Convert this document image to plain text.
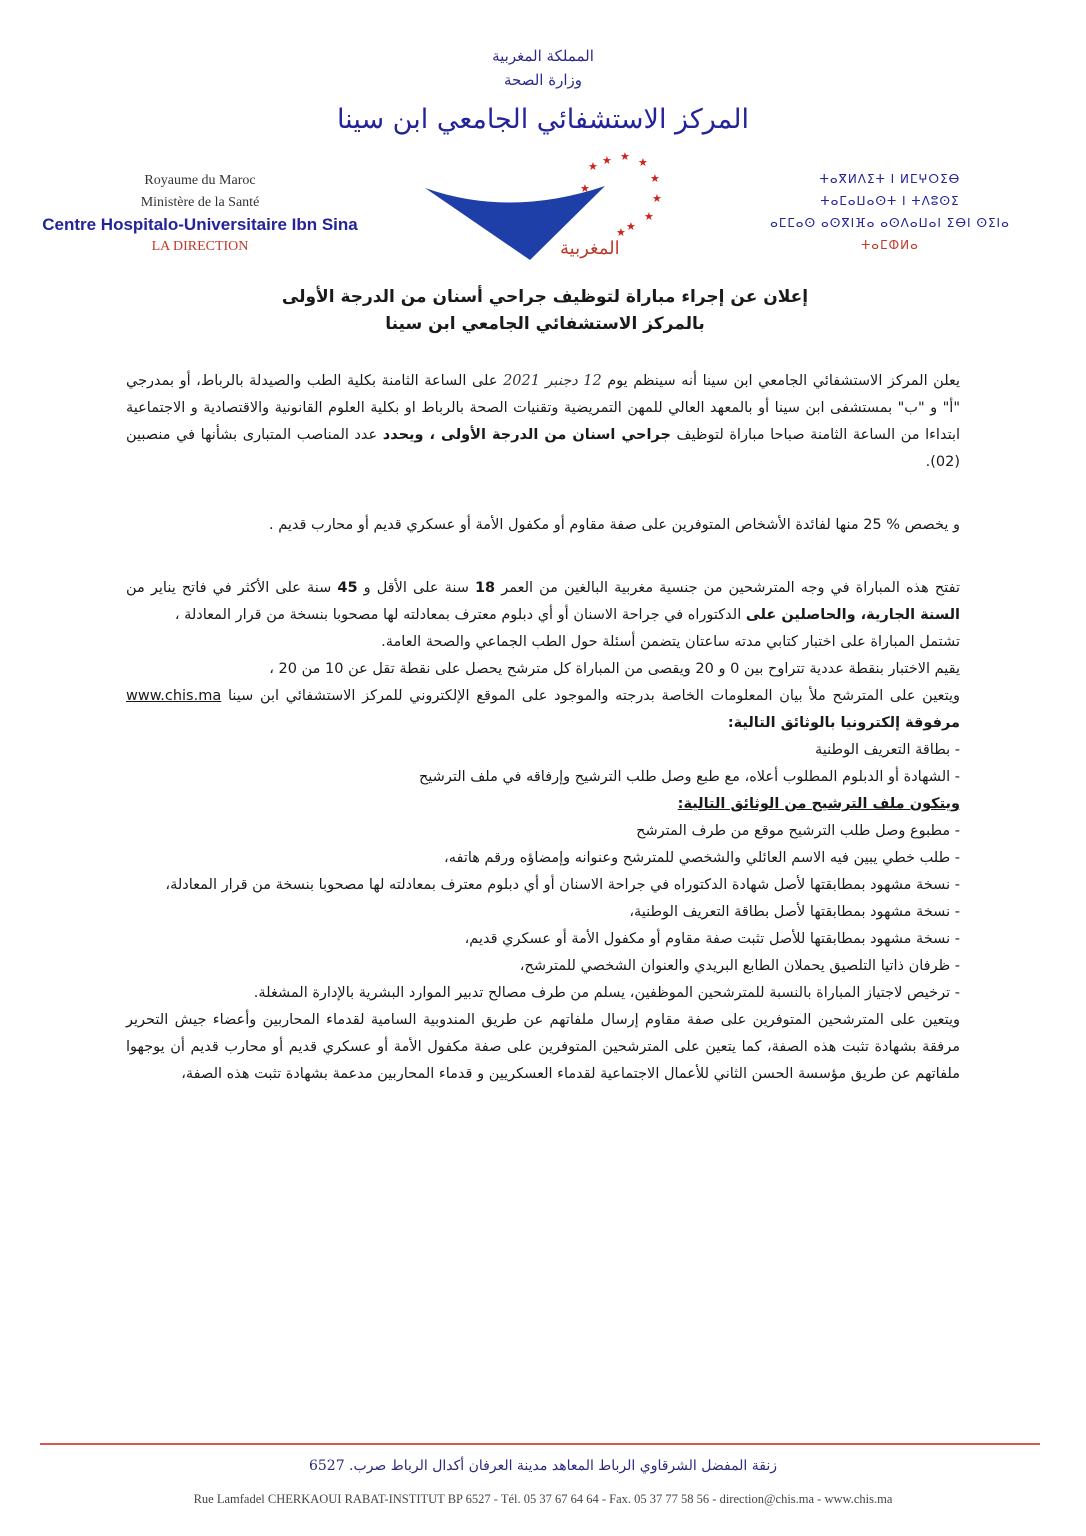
المملكة المغربية
وزارة الصحة
المركز الاستشفائي الجامعي ابن سينا
Royaume du Maroc
Ministère de la Santé
Centre Hospitalo-Universitaire Ibn Sina
LA DIRECTION
ⵜⴰⴳⵍⴷⵉⵜ ⵏ ⵍⵎⵖⵔⵉⴱ
ⵜⴰⵎⴰⵡⴰⵙⵜ ⵏ ⵜⴷⵓⵙⵉ
ⴰⵎⵎⴰⵙ ⴰⵙⴳⵏⴼⴰ ⴰⵙⴷⴰⵡⴰⵏ ⵉⴱⵏ ⵙⵉⵏⴰ
ⵜⴰⵎⵀⵍⴰ
★ ★ ★
★
★
★
★
★
★
★
المغربية
إعلان عن إجراء مباراة لتوظيف جراحي أسنان من الدرجة الأولى
بالمركز الاستشفائي الجامعي ابن سينا

يعلن المركز الاستشفائي الجامعي ابن سينا أنه سينظم يوم 12 دجنبر 2021 على الساعة الثامنة بكلية الطب والصيدلة بالرباط، أو بمدرجي "أ" و "ب" بمستشفى ابن سينا أو بالمعهد العالي للمهن التمريضية وتقنيات الصحة بالرباط او بكلية العلوم القانونية والاقتصادية و الاجتماعية ابتداءا من الساعة الثامنة صباحا مباراة لتوظيف جراحي اسنان من الدرجة الأولى ، ويحدد عدد المناصب المتبارى بشأنها في منصبين (02).

و يخصص % 25 منها لفائدة الأشخاص المتوفرين على صفة مقاوم أو مكفول الأمة أو عسكري قديم أو محارب قديم .

تفتح هذه المباراة في وجه المترشحين من جنسية مغربية البالغين من العمر 18 سنة على الأقل و 45 سنة على الأكثر في فاتح يناير من السنة الجارية، والحاصلين على الدكتوراه في جراحة الاسنان أو أي دبلوم معترف بمعادلته لها مصحوبا بنسخة من قرار المعادلة ،

تشتمل المباراة على اختبار كتابي مدته ساعتان يتضمن أسئلة حول الطب الجماعي والصحة العامة.

يقيم الاختبار بنقطة عددية تتراوح بين 0 و 20 ويقصى من المباراة كل مترشح يحصل على نقطة تقل عن 10 من 20 ،

ويتعين على المترشح ملأ بيان المعلومات الخاصة بدرجته والموجود على الموقع الإلكتروني للمركز الاستشفائي ابن سينا www.chis.ma مرفوقة إلكترونيا بالوثائق التالية:

- بطاقة التعريف الوطنية
- الشهادة أو الدبلوم المطلوب أعلاه، مع طبع وصل طلب الترشيح وإرفاقه في ملف الترشيح

ويتكون ملف الترشيح من الوثائق التالية:

- مطبوع وصل طلب الترشيح موقع من طرف المترشح
- طلب خطي يبين فيه الاسم العائلي والشخصي للمترشح وعنوانه وإمضاؤه ورقم هاتفه،
- نسخة مشهود بمطابقتها لأصل شهادة الدكتوراه في جراحة الاسنان أو أي دبلوم معترف بمعادلته لها مصحوبا بنسخة من قرار المعادلة،
- نسخة مشهود بمطابقتها لأصل بطاقة التعريف الوطنية،
- نسخة مشهود بمطابقتها للأصل تثبت صفة مقاوم أو مكفول الأمة أو عسكري قديم،
- ظرفان ذاتيا التلصيق يحملان الطابع البريدي والعنوان الشخصي للمترشح،
- ترخيص لاجتياز المباراة بالنسبة للمترشحين الموظفين، يسلم من طرف مصالح تدبير الموارد البشرية بالإدارة المشغلة.

ويتعين على المترشحين المتوفرين على صفة مقاوم إرسال ملفاتهم عن طريق المندوبية السامية لقدماء المحاربين وأعضاء جيش التحرير مرفقة بشهادة تثبت هذه الصفة، كما يتعين على المترشحين المتوفرين على صفة مكفول الأمة أو عسكري قديم أو محارب قديم أن يوجهوا ملفاتهم عن طريق مؤسسة الحسن الثاني للأعمال الاجتماعية لقدماء العسكريين و قدماء المحاربين مدعمة بشهادة تثبت هذه الصفة،

زنقة المفضل الشرقاوي الرباط المعاهد مدينة العرفان أكدال الرباط صرب. 6527
Rue Lamfadel CHERKAOUI RABAT-INSTITUT BP 6527 - Tél. 05 37 67 64 64 - Fax. 05 37 77 58 56 - direction@chis.ma - www.chis.ma
